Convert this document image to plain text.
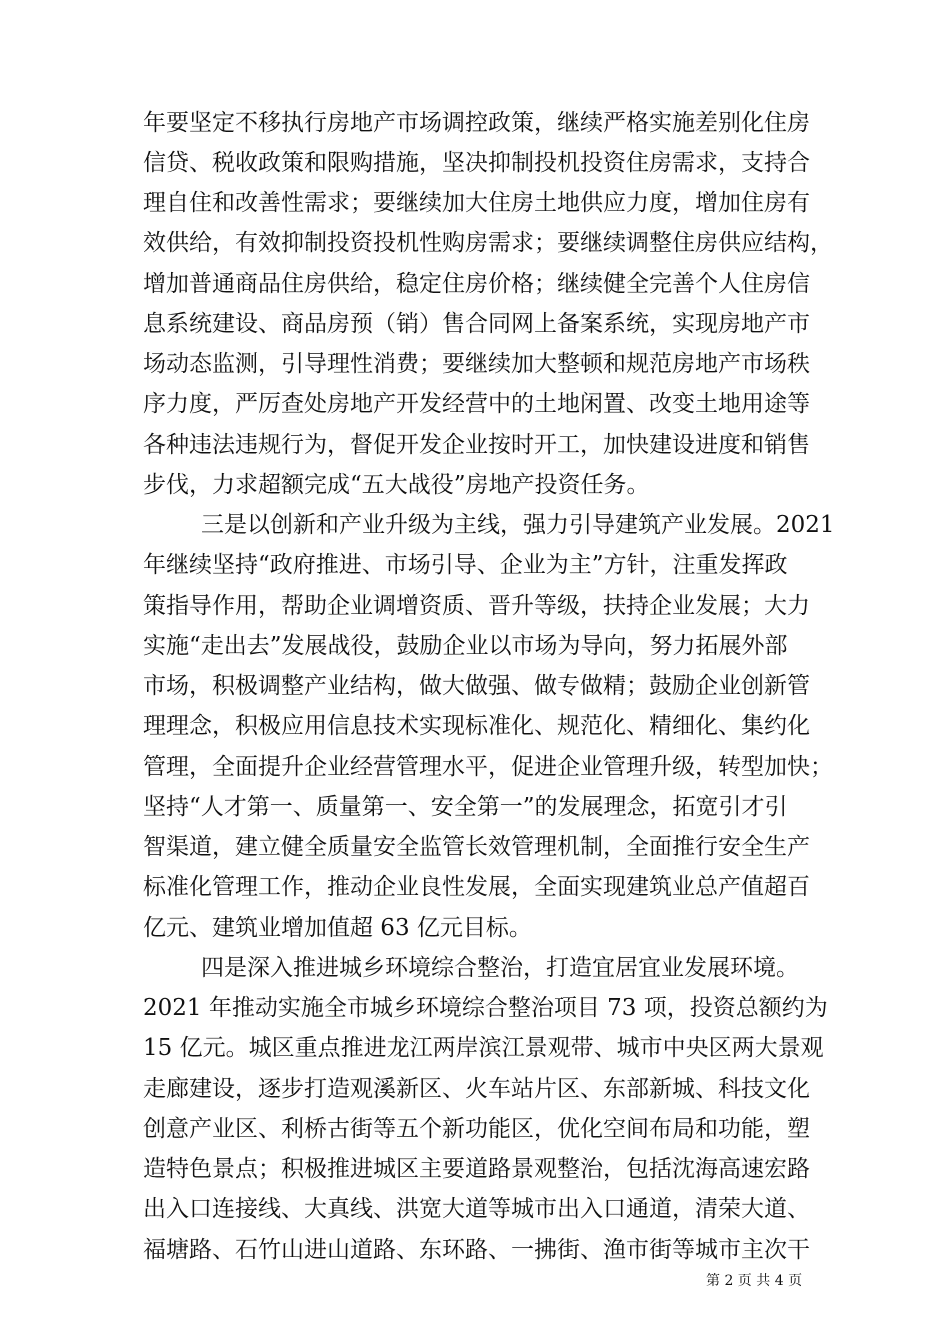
年要坚定不移执行房地产市场调控政策，继续严格实施差别化住房
信贷、税收政策和限购措施，坚决抑制投机投资住房需求，支持合
理自住和改善性需求；要继续加大住房土地供应力度，增加住房有
效供给，有效抑制投资投机性购房需求；要继续调整住房供应结构，
增加普通商品住房供给，稳定住房价格；继续健全完善个人住房信
息系统建设、商品房预（销）售合同网上备案系统，实现房地产市
场动态监测，引导理性消费；要继续加大整顿和规范房地产市场秩
序力度，严厉查处房地产开发经营中的土地闲置、改变土地用途等
各种违法违规行为，督促开发企业按时开工，加快建设进度和销售
步伐，力求超额完成“五大战役”房地产投资任务。
三是以创新和产业升级为主线，强力引导建筑产业发展。2021
年继续坚持“政府推进、市场引导、企业为主”方针，注重发挥政
策指导作用，帮助企业调增资质、晋升等级，扶持企业发展；大力
实施“走出去”发展战役，鼓励企业以市场为导向，努力拓展外部
市场，积极调整产业结构，做大做强、做专做精；鼓励企业创新管
理理念，积极应用信息技术实现标准化、规范化、精细化、集约化
管理，全面提升企业经营管理水平，促进企业管理升级，转型加快；
坚持“人才第一、质量第一、安全第一”的发展理念，拓宽引才引
智渠道，建立健全质量安全监管长效管理机制，全面推行安全生产
标准化管理工作，推动企业良性发展，全面实现建筑业总产值超百
亿元、建筑业增加值超 63 亿元目标。
四是深入推进城乡环境综合整治，打造宜居宜业发展环境。
2021 年推动实施全市城乡环境综合整治项目 73 项，投资总额约为
15 亿元。城区重点推进龙江两岸滨江景观带、城市中央区两大景观
走廊建设，逐步打造观溪新区、火车站片区、东部新城、科技文化
创意产业区、利桥古街等五个新功能区，优化空间布局和功能，塑
造特色景点；积极推进城区主要道路景观整治，包括沈海高速宏路
出入口连接线、大真线、洪宽大道等城市出入口通道，清荣大道、
福塘路、石竹山进山道路、东环路、一拂街、渔市街等城市主次干
第 2 页 共 4 页
